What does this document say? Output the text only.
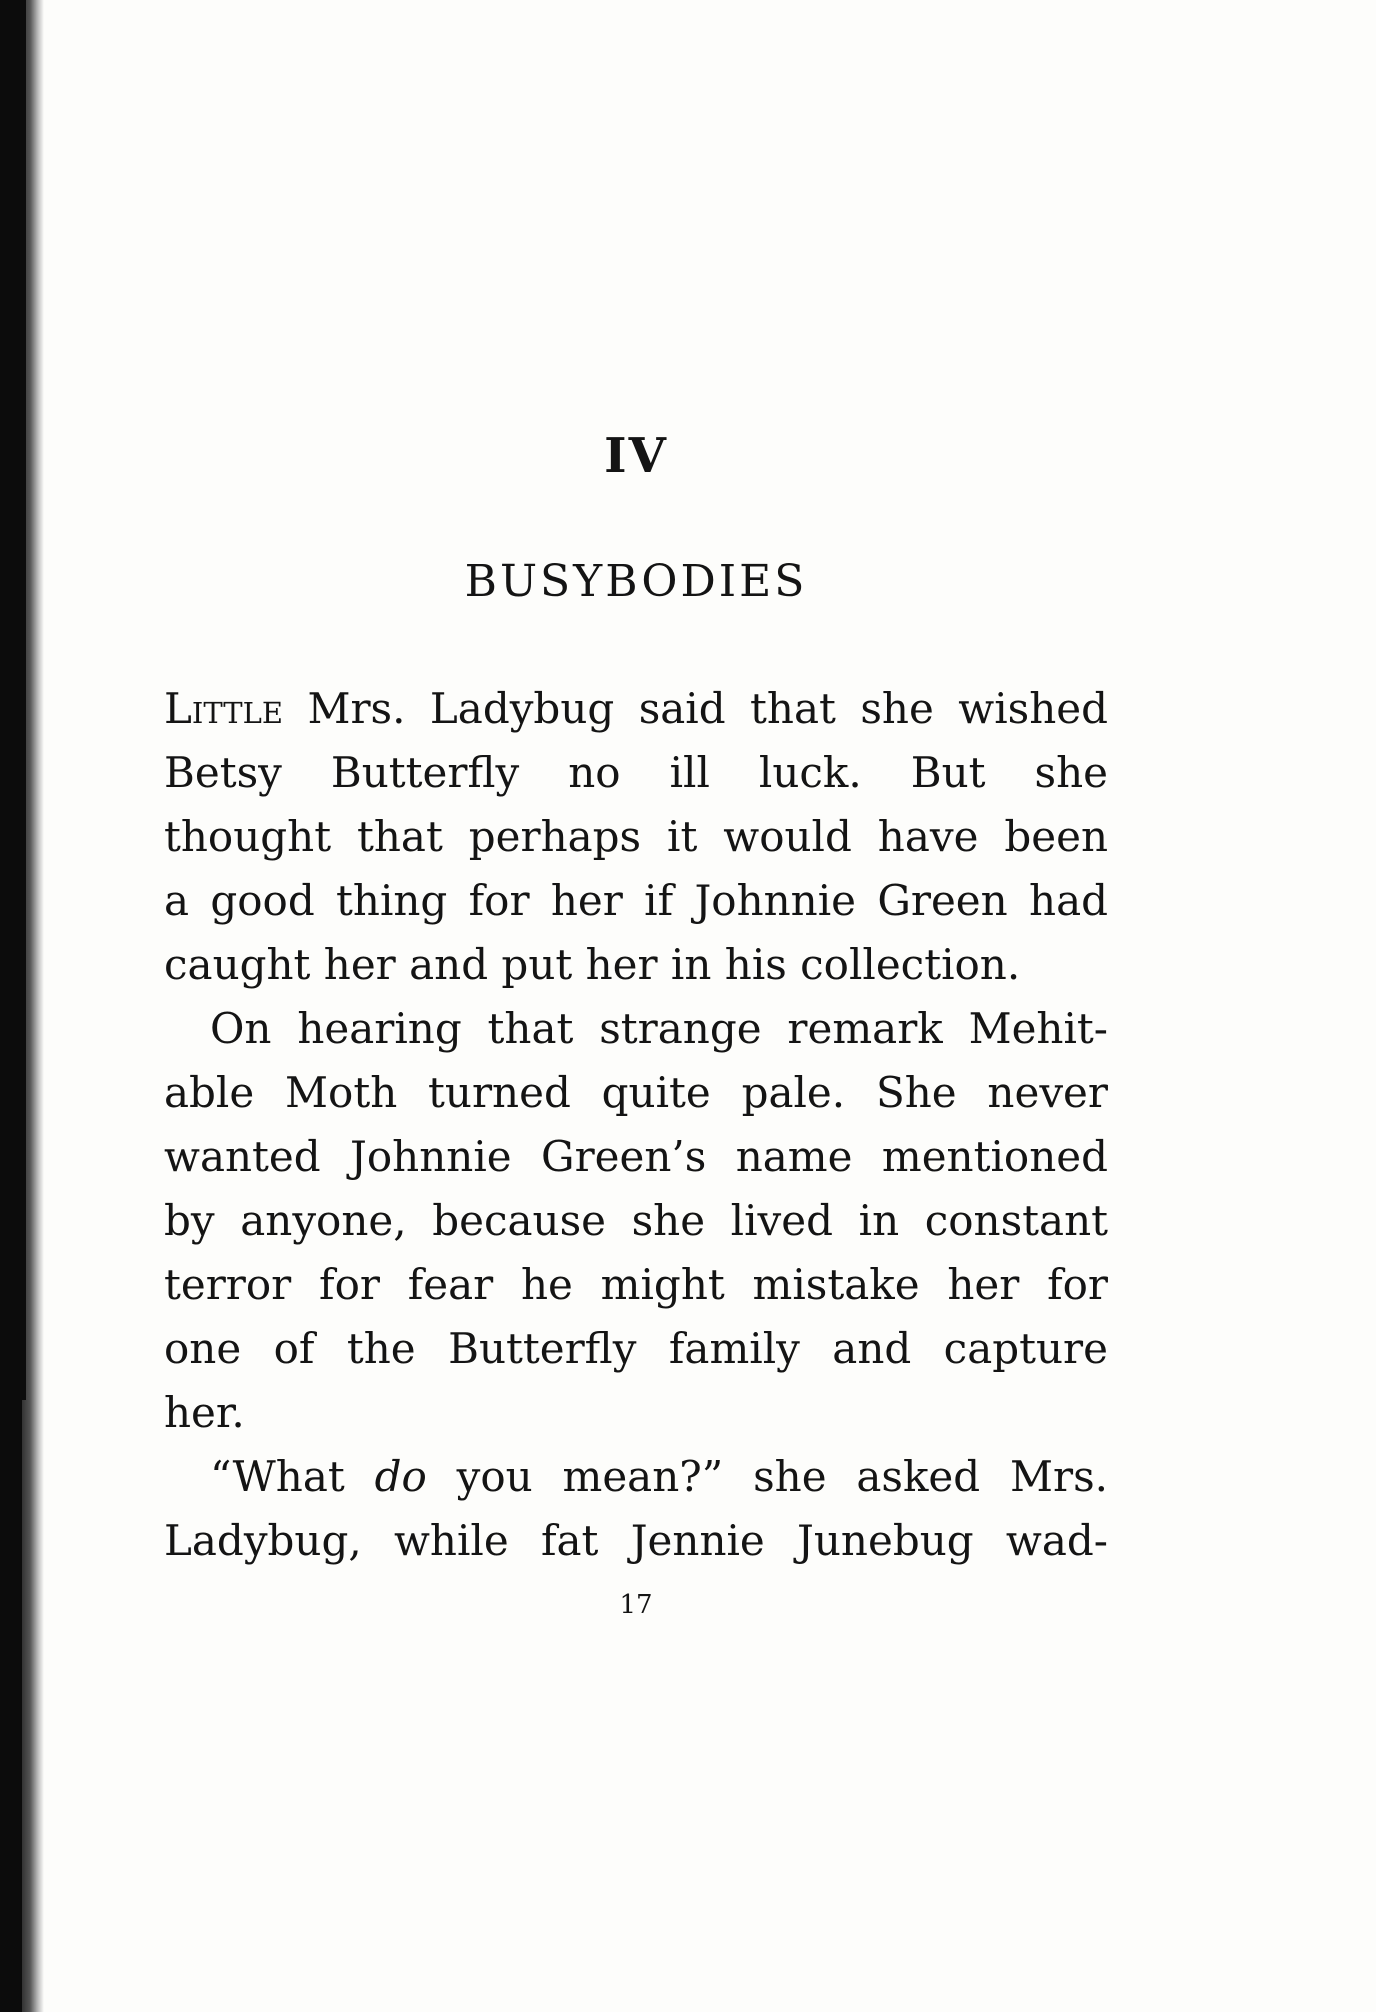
IV
BUSYBODIES
Little Mrs. Ladybug said that she wished
Betsy Butterfly no ill luck. But she
thought that perhaps it would have been
a good thing for her if Johnnie Green had
caught her and put her in his collection.
On hearing that strange remark Mehit-
able Moth turned quite pale. She never
wanted Johnnie Green’s name mentioned
by anyone, because she lived in constant
terror for fear he might mistake her for
one of the Butterfly family and capture
her.
“What do you mean?” she asked Mrs.
Ladybug, while fat Jennie Junebug wad-
17
